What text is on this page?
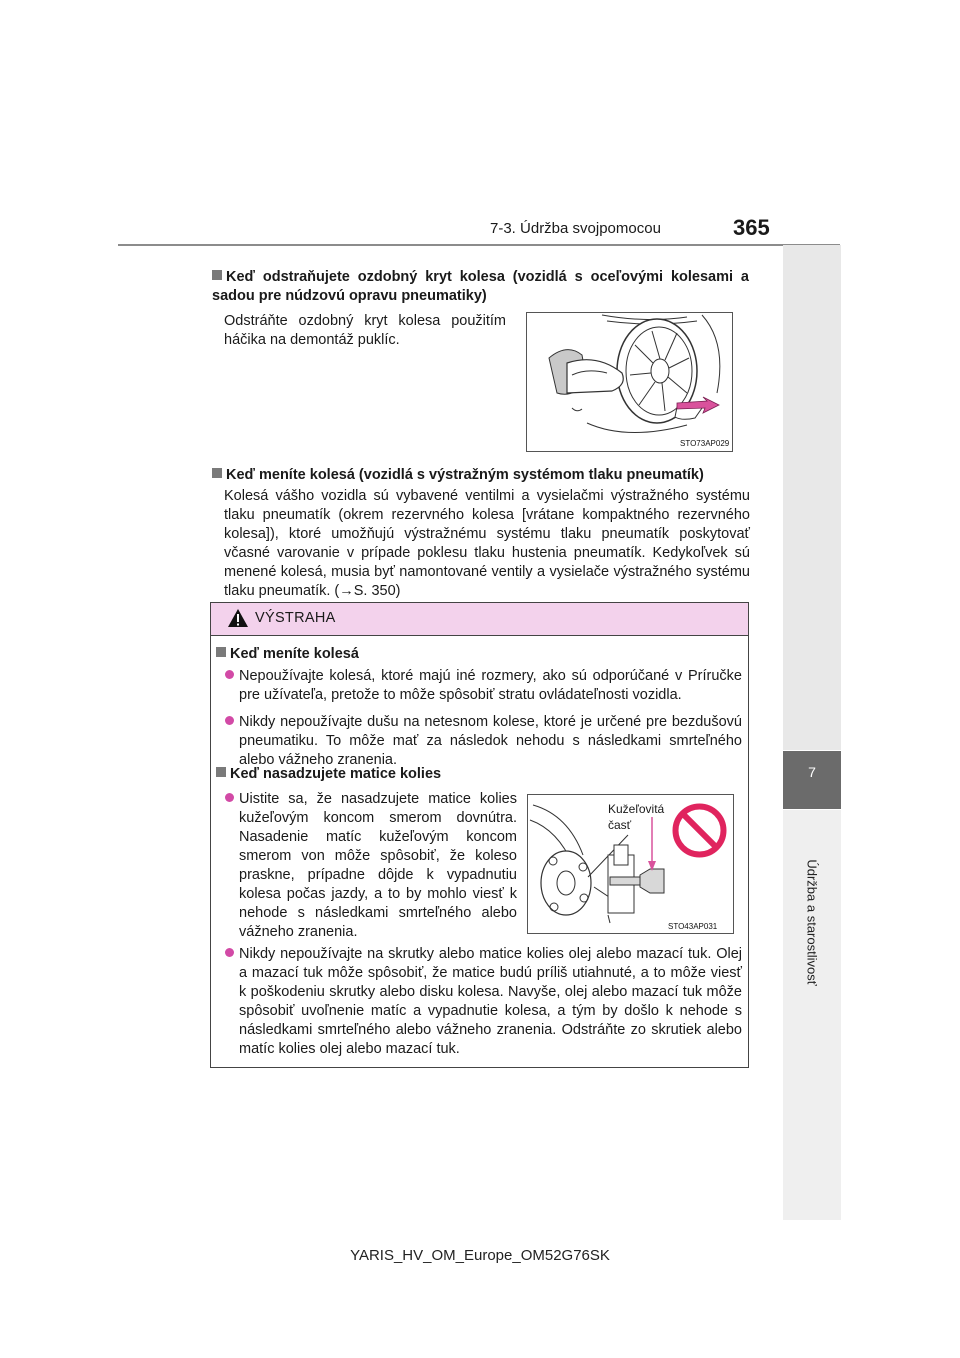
7-3. Údržba svojpomocou	365
7
Údržba a starostlivosť
Keď odstraňujete ozdobný kryt kolesa (vozidlá s oceľovými kolesami a sadou pre núdzovú opravu pneumatiky)
Odstráňte ozdobný kryt kolesa použitím háčika na demontáž puklíc.
STO73AP029
Keď meníte kolesá (vozidlá s výstražným systémom tlaku pneumatík)
Kolesá vášho vozidla sú vybavené ventilmi a vysielačmi výstražného systému tlaku pneumatík (okrem rezervného kolesa [vrátane kompaktného rezervného kolesa]), ktoré umožňujú výstražnému systému tlaku pneumatík poskytovať včasné varovanie v prípade poklesu tlaku hustenia pneumatík. Kedykoľvek sú menené kolesá, musia byť namontované ventily a vysielače výstražného systému tlaku pneumatík. (→S. 350)
VÝSTRAHA
Keď meníte kolesá
Nepoužívajte kolesá, ktoré majú iné rozmery, ako sú odporúčané v Príručke pre užívateľa, pretože to môže spôsobiť stratu ovládateľnosti vozidla.
Nikdy nepoužívajte dušu na netesnom kolese, ktoré je určené pre bezdušovú pneumatiku. To môže mať za následok nehodu s následkami smrteľného alebo vážneho zranenia.
Keď nasadzujete matice kolies
Uistite sa, že nasadzujete matice kolies kužeľovým koncom smerom dovnútra. Nasadenie matíc kužeľovým koncom smerom von môže spôsobiť, že koleso praskne, prípadne dôjde k vypadnutiu kolesa počas jazdy, a to by mohlo viesť k nehode s následkami smrteľného alebo vážneho zranenia.
Kužeľovitá časť
STO43AP031
Nikdy nepoužívajte na skrutky alebo matice kolies olej alebo mazací tuk. Olej a mazací tuk môže spôsobiť, že matice budú príliš utiahnuté, a to môže viesť k poškodeniu skrutky alebo disku kolesa. Navyše, olej alebo mazací tuk môže spôsobiť uvoľnenie matíc a vypadnutie kolesa, a tým by došlo k nehode s následkami smrteľného alebo vážneho zranenia. Odstráňte zo skrutiek alebo matíc kolies olej alebo mazací tuk.
YARIS_HV_OM_Europe_OM52G76SK
